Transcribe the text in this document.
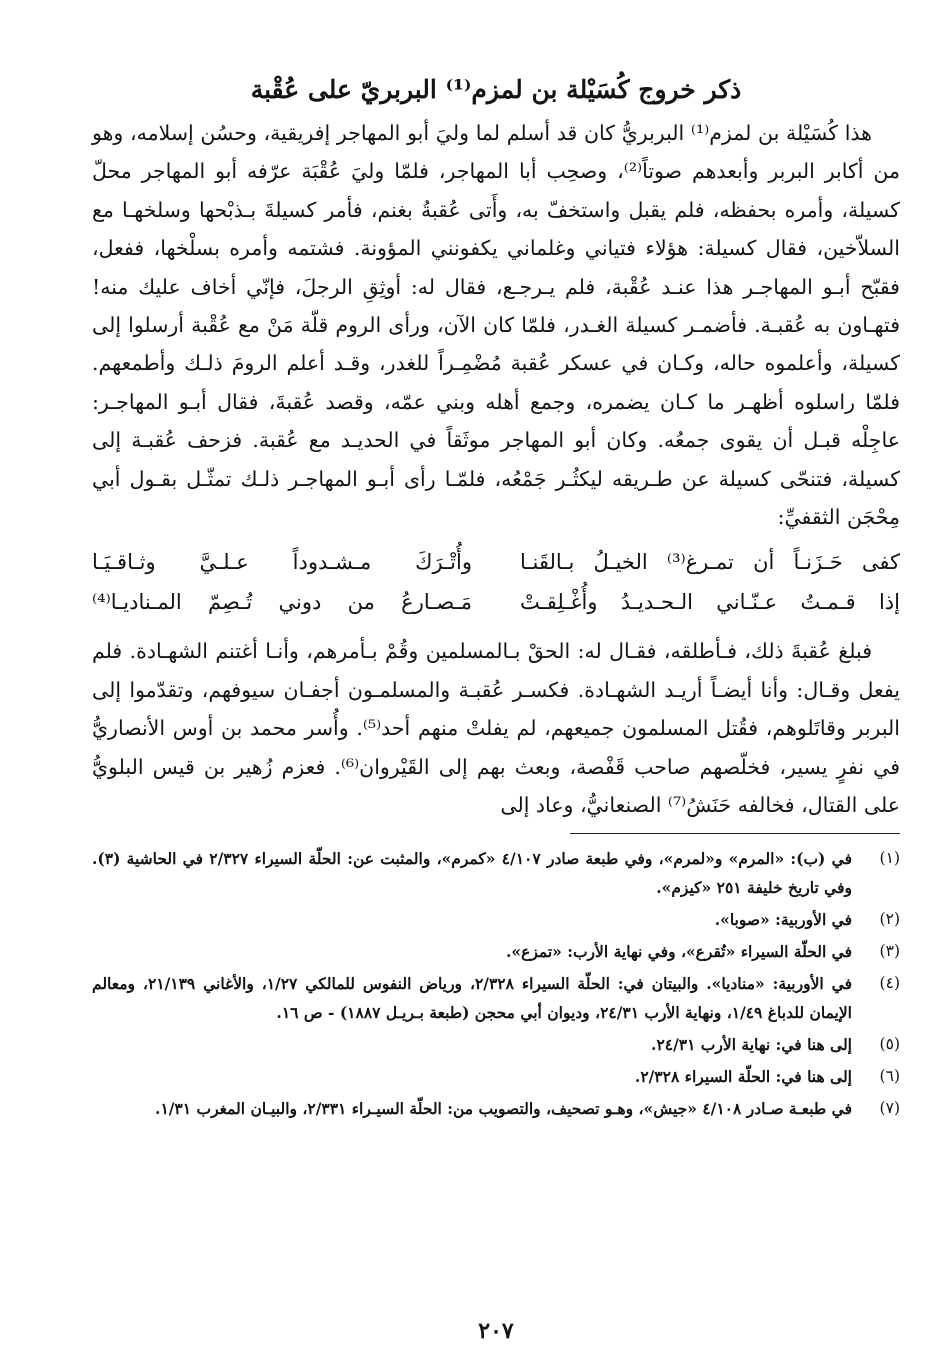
ذكر خروج كُسَيْلة بن لمزم⁽¹⁾ البربريّ على عُقْبة

هذا كُسَيْلة بن لمزم⁽¹⁾ البربريُّ كان قد أسلم لما وليَ أبو المهاجر إفريقية، وحسُن إسلامه، وهو من أكابر البربر وأبعدهم صوتاً⁽²⁾، وصحِب أبا المهاجر، فلمّا وليَ عُقْبَة عرّفه أبو المهاجر محلّ كسيلة، وأمره بحفظه، فلم يقبل واستخفّ به، وأَتى عُقبةُ بغنم، فأمر كسيلةَ بـذبْحها وسلخهـا مع السلاّخين، فقال كسيلة: هؤلاء فتياني وغلماني يكفونني المؤونة. فشتمه وأمره بسلْخها، ففعل، فقبّح أبـو المهاجـر هذا عنـد عُقْبة، فلم يـرجـع، فقال له: أوثِقِ الرجلَ، فإنّي أخاف عليك منه! فتهـاون به عُقبـة. فأضمـر كسيلة الغـدر، فلمّا كان الآن، ورأى الروم قلّة مَنْ مع عُقْبة أرسلوا إلى كسيلة، وأعلموه حاله، وكـان في عسكر عُقبة مُضْمِـراً للغدر، وقـد أعلم الرومَ ذلـك وأطمعهم. فلمّا راسلوه أظهـر ما كـان يضمره، وجمع أهله وبني عمّه، وقصد عُقبةَ، فقال أبـو المهاجـر: عاجِلْه قبـل أن يقوى جمعُه. وكان أبو المهاجر موثَقاً في الحديـد مع عُقبة. فزحف عُقبـة إلى كسيلة، فتنحّى كسيلة عن طـريقه ليكثُـر جَمْعُه، فلمّـا رأى أبـو المهاجـر ذلـك تمثّـل بقـول أبي مِحْجَن الثقفيِّ:

كفى حَـزَنـاً أن تمـرغ⁽³⁾ الخيـلُ بـالقَنـا
وأُتْـرَكَ مـشـدوداً عـلـيَّ وثـاقـيَـا
إذا قـمـتُ عـنّـاني الـحـديـدُ وأُغْـلِقـتْ
مَـصـارعُ من دوني تُـصِمّ المـناديـا⁽⁴⁾

فبلغ عُقبةَ ذلك، فـأطلقه، فقـال له: الحقْ بـالمسلمين وقُمْ بـأمرهم، وأنـا أغتنم الشهـادة. فلم يفعل وقـال: وأنا أيضـاً أريـد الشهـادة. فكسـر عُقبـة والمسلمـون أجفـان سيوفهم، وتقدّموا إلى البربر وقاتَلوهم، فقُتل المسلمون جميعهم، لم يفلتْ منهم أحد⁽⁵⁾. وأُسر محمد بن أوس الأنصاريُّ في نفرٍ يسير، فخلّصهم صاحب قَفْصة، وبعث بهم إلى القَيْروان⁽⁶⁾. فعزم زُهير بن قيس البلويُّ على القتال، فخالفه حَنَشُ⁽⁷⁾ الصنعانيُّ، وعاد إلى

(١)
في (ب): «المرم» و«لمرم»، وفي طبعة صادر ٤/١٠٧ «كمرم»، والمثبت عن: الحلّة السيراء ٢/٣٢٧ في الحاشية (٣). وفي تاريخ خليفة ٢٥١ «كيزم».
(٢)
في الأوربية: «صوبا».
(٣)
في الحلّة السيراء «تُقرع»، وفي نهاية الأرب: «تمزع».
(٤)
في الأوربية: «مناديا». والبيتان في: الحلّة السيراء ٢/٣٢٨، ورياض النفوس للمالكي ١/٢٧، والأغاني ٢١/١٣٩، ومعالم الإيمان للدباغ ١/٤٩، ونهاية الأرب ٢٤/٣١، وديوان أبي محجن (طبعة بـريـل ١٨٨٧) - ص ١٦.
(٥)
إلى هنا في: نهاية الأرب ٢٤/٣١.
(٦)
إلى هنا في: الحلّة السيراء ٢/٣٢٨.
(٧)
في طبعـة صـادر ٤/١٠٨ «جيش»، وهـو تصحيف، والتصويب من: الحلّة السيـراء ٢/٣٣١، والبيـان المغرب ١/٣١.
٢٠٧
